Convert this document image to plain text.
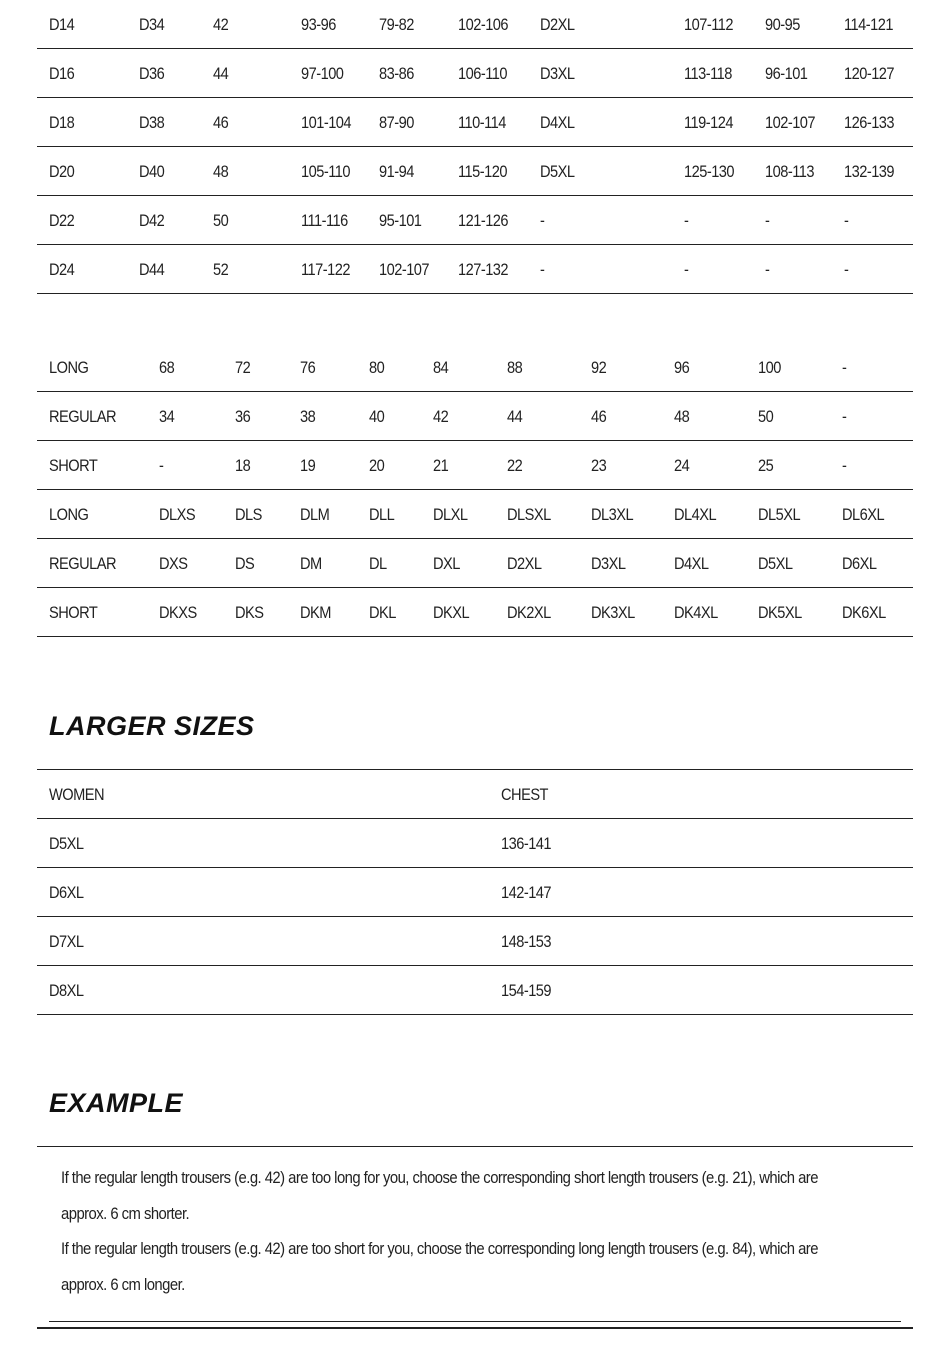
D14	D34	42	93-96	79-82	102-106 D2XL	107-112 90-95	114-121
D16	D36	44	97-100 83-86	106-110 D3XL	113-118 96-101 120-127
D18	D38	46	101-104 87-90	110-114 D4XL	119-124 102-107 126-133
D20	D40	48	105-110 91-94	115-120 D5XL	125-130 108-113 132-139
D22	D42	50	111-116 95-101 121-126 -	-	-	-
D24	D44	52	117-122 102-107 127-132 -	-	-	-
LONG	68	72	76	80	84	88	92	96	100	-
REGULAR	34	36	38	40	42	44	46	48	50	-
SHORT	-	18	19	20	21	22	23	24	25	-
LONG	DLXS DLS DLM DLL DLXL DLSXL DL3XL DL4XL DL5XL DL6XL
REGULAR	DXS	DS	DM	DL	DXL	D2XL	D3XL	D4XL	D5XL	D6XL
SHORT	DKXS DKS DKM DKL DKXL DK2XL DK3XL DK4XL DK5XL DK6XL
LARGER SIZES
WOMEN	CHEST
D5XL	136-141
D6XL	142-147
D7XL	148-153
D8XL	154-159
EXAMPLE
If the regular length trousers (e.g. 42) are too long for you, choose the corresponding short length trousers (e.g. 21), which are
approx. 6 cm shorter.
If the regular length trousers (e.g. 42) are too short for you, choose the corresponding long length trousers (e.g. 84), which are
approx. 6 cm longer.
